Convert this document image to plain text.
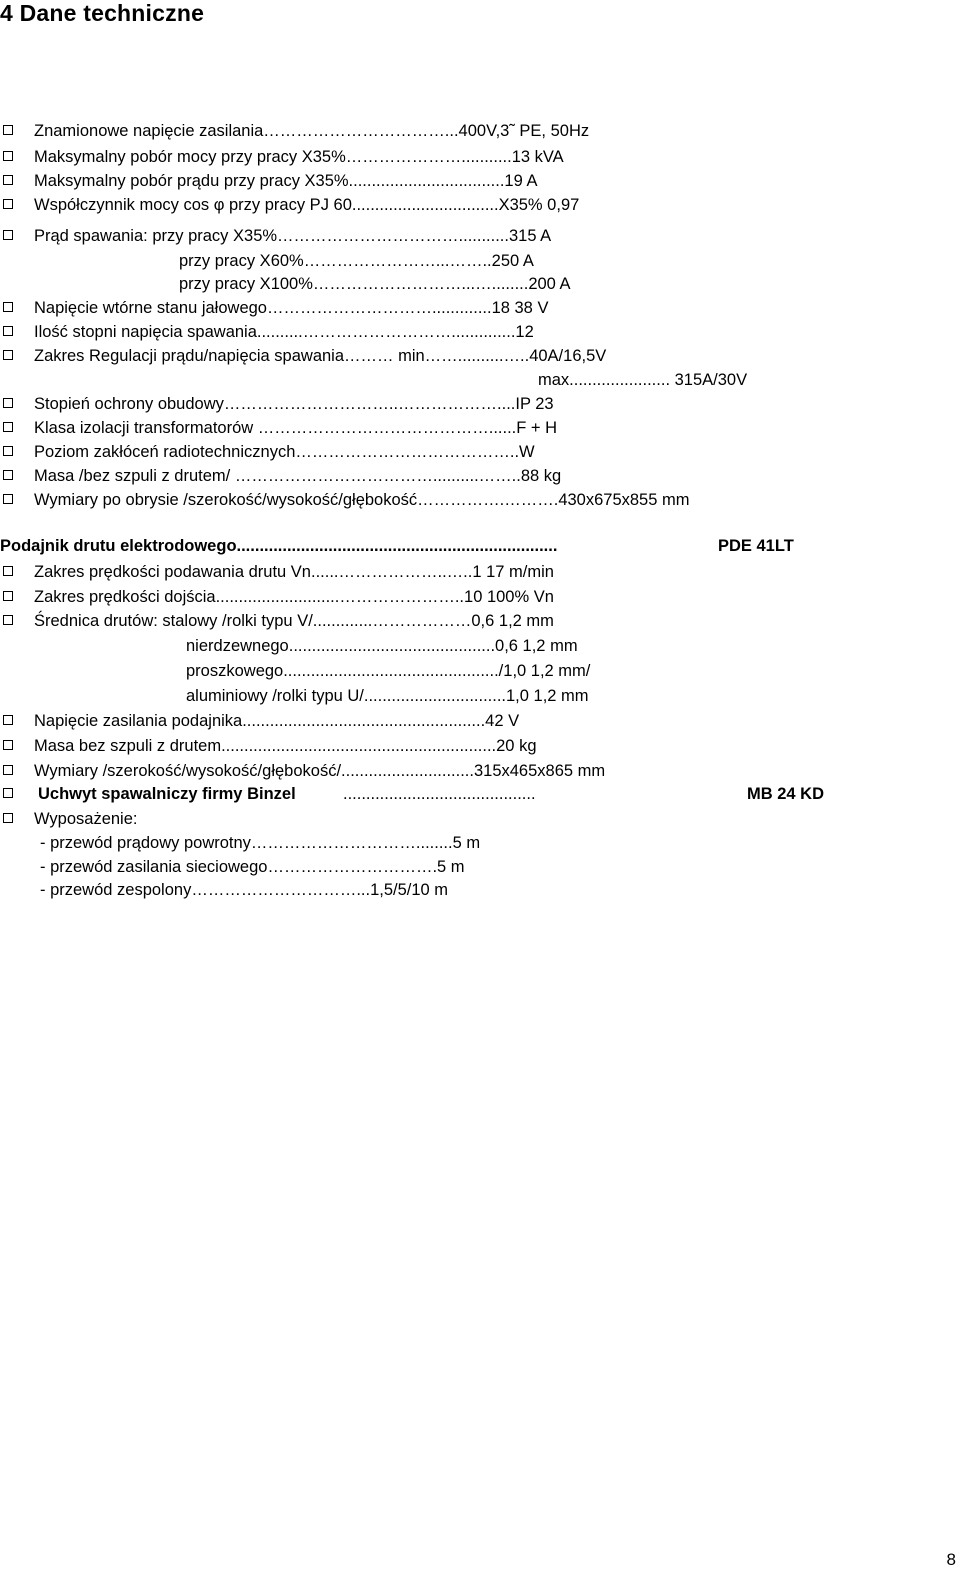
4 Dane techniczne
Znamionowe napięcie zasilania……………………………...400V,3˜ PE, 50Hz
Maksymalny pobór mocy przy pracy X35%…………………...........13 kVA
Maksymalny pobór prądu przy pracy X35%..................................19 A
Współczynnik mocy cos φ przy pracy PJ 60................................X35% 0,97
Prąd spawania: przy pracy X35%……………………………...........315 A
przy pracy X60%……………………...……..250 A
przy pracy X100%………………………...…........200 A
Napięcie wtórne stanu jałowego………………………….............18 38 V
Ilość stopni napięcia spawania..........………………………..............12
Zakres Regulacji prądu/napięcia spawania……… min……..........…..40A/16,5V
max...................... 315A/30V
Stopień ochrony obudowy…………………………..………………....IP 23
Klasa izolacji transformatorów ……………………………………......F + H
Poziom zakłóceń radiotechnicznych…………………………………..W
Masa /bez szpuli z drutem/ ………………………………..........……..88 kg
Wymiary po obrysie /szerokość/wysokość/głębokość…………….……….430x675x855 mm
Podajnik drutu elektrodowego......................................................................	PDE 41LT
Zakres prędkości podawania drutu Vn......………………..…..1 17 m/min
Zakres prędkości dojścia...........................…………………..10 100% Vn
Średnica drutów: stalowy /rolki typu V/.............………………0,6 1,2 mm
nierdzewnego.............................................0,6 1,2 mm
proszkowego.............................................../1,0 1,2 mm/
aluminiowy /rolki typu U/...............................1,0 1,2 mm
Napięcie zasilania podajnika.....................................................42 V
Masa bez szpuli z drutem............................................................20 kg
Wymiary /szerokość/wysokość/głębokość/.............................315x465x865 mm
Uchwyt spawalniczy firmy Binzel	..........................................	MB 24 KD
Wyposażenie:
- przewód prądowy powrotny…………………………........5 m
- przewód zasilania sieciowego………………………….5 m
- przewód zespolony…………………………...1,5/5/10 m
8
